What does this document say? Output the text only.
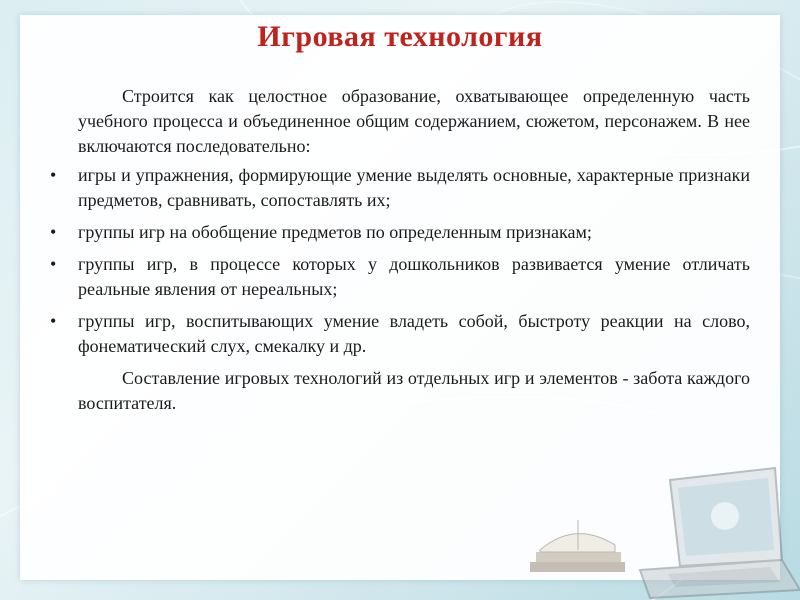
Игровая технология

Строится как целостное образование, охватывающее определенную часть учебного процесса и объединенное общим содержанием, сюжетом, персонажем. В нее включаются последовательно:

• игры и упражнения, формирующие умение выделять основные, характерные признаки предметов, сравнивать, сопоставлять их;
• группы игр на обобщение предметов по определенным признакам;
• группы игр, в процессе которых у дошкольников развивается умение отличать реальные явления от нереальных;
• группы игр, воспитывающих умение владеть собой, быстроту реакции на слово, фонематический слух, смекалку и др.

Составление игровых технологий из отдельных игр и элементов - забота каждого воспитателя.
